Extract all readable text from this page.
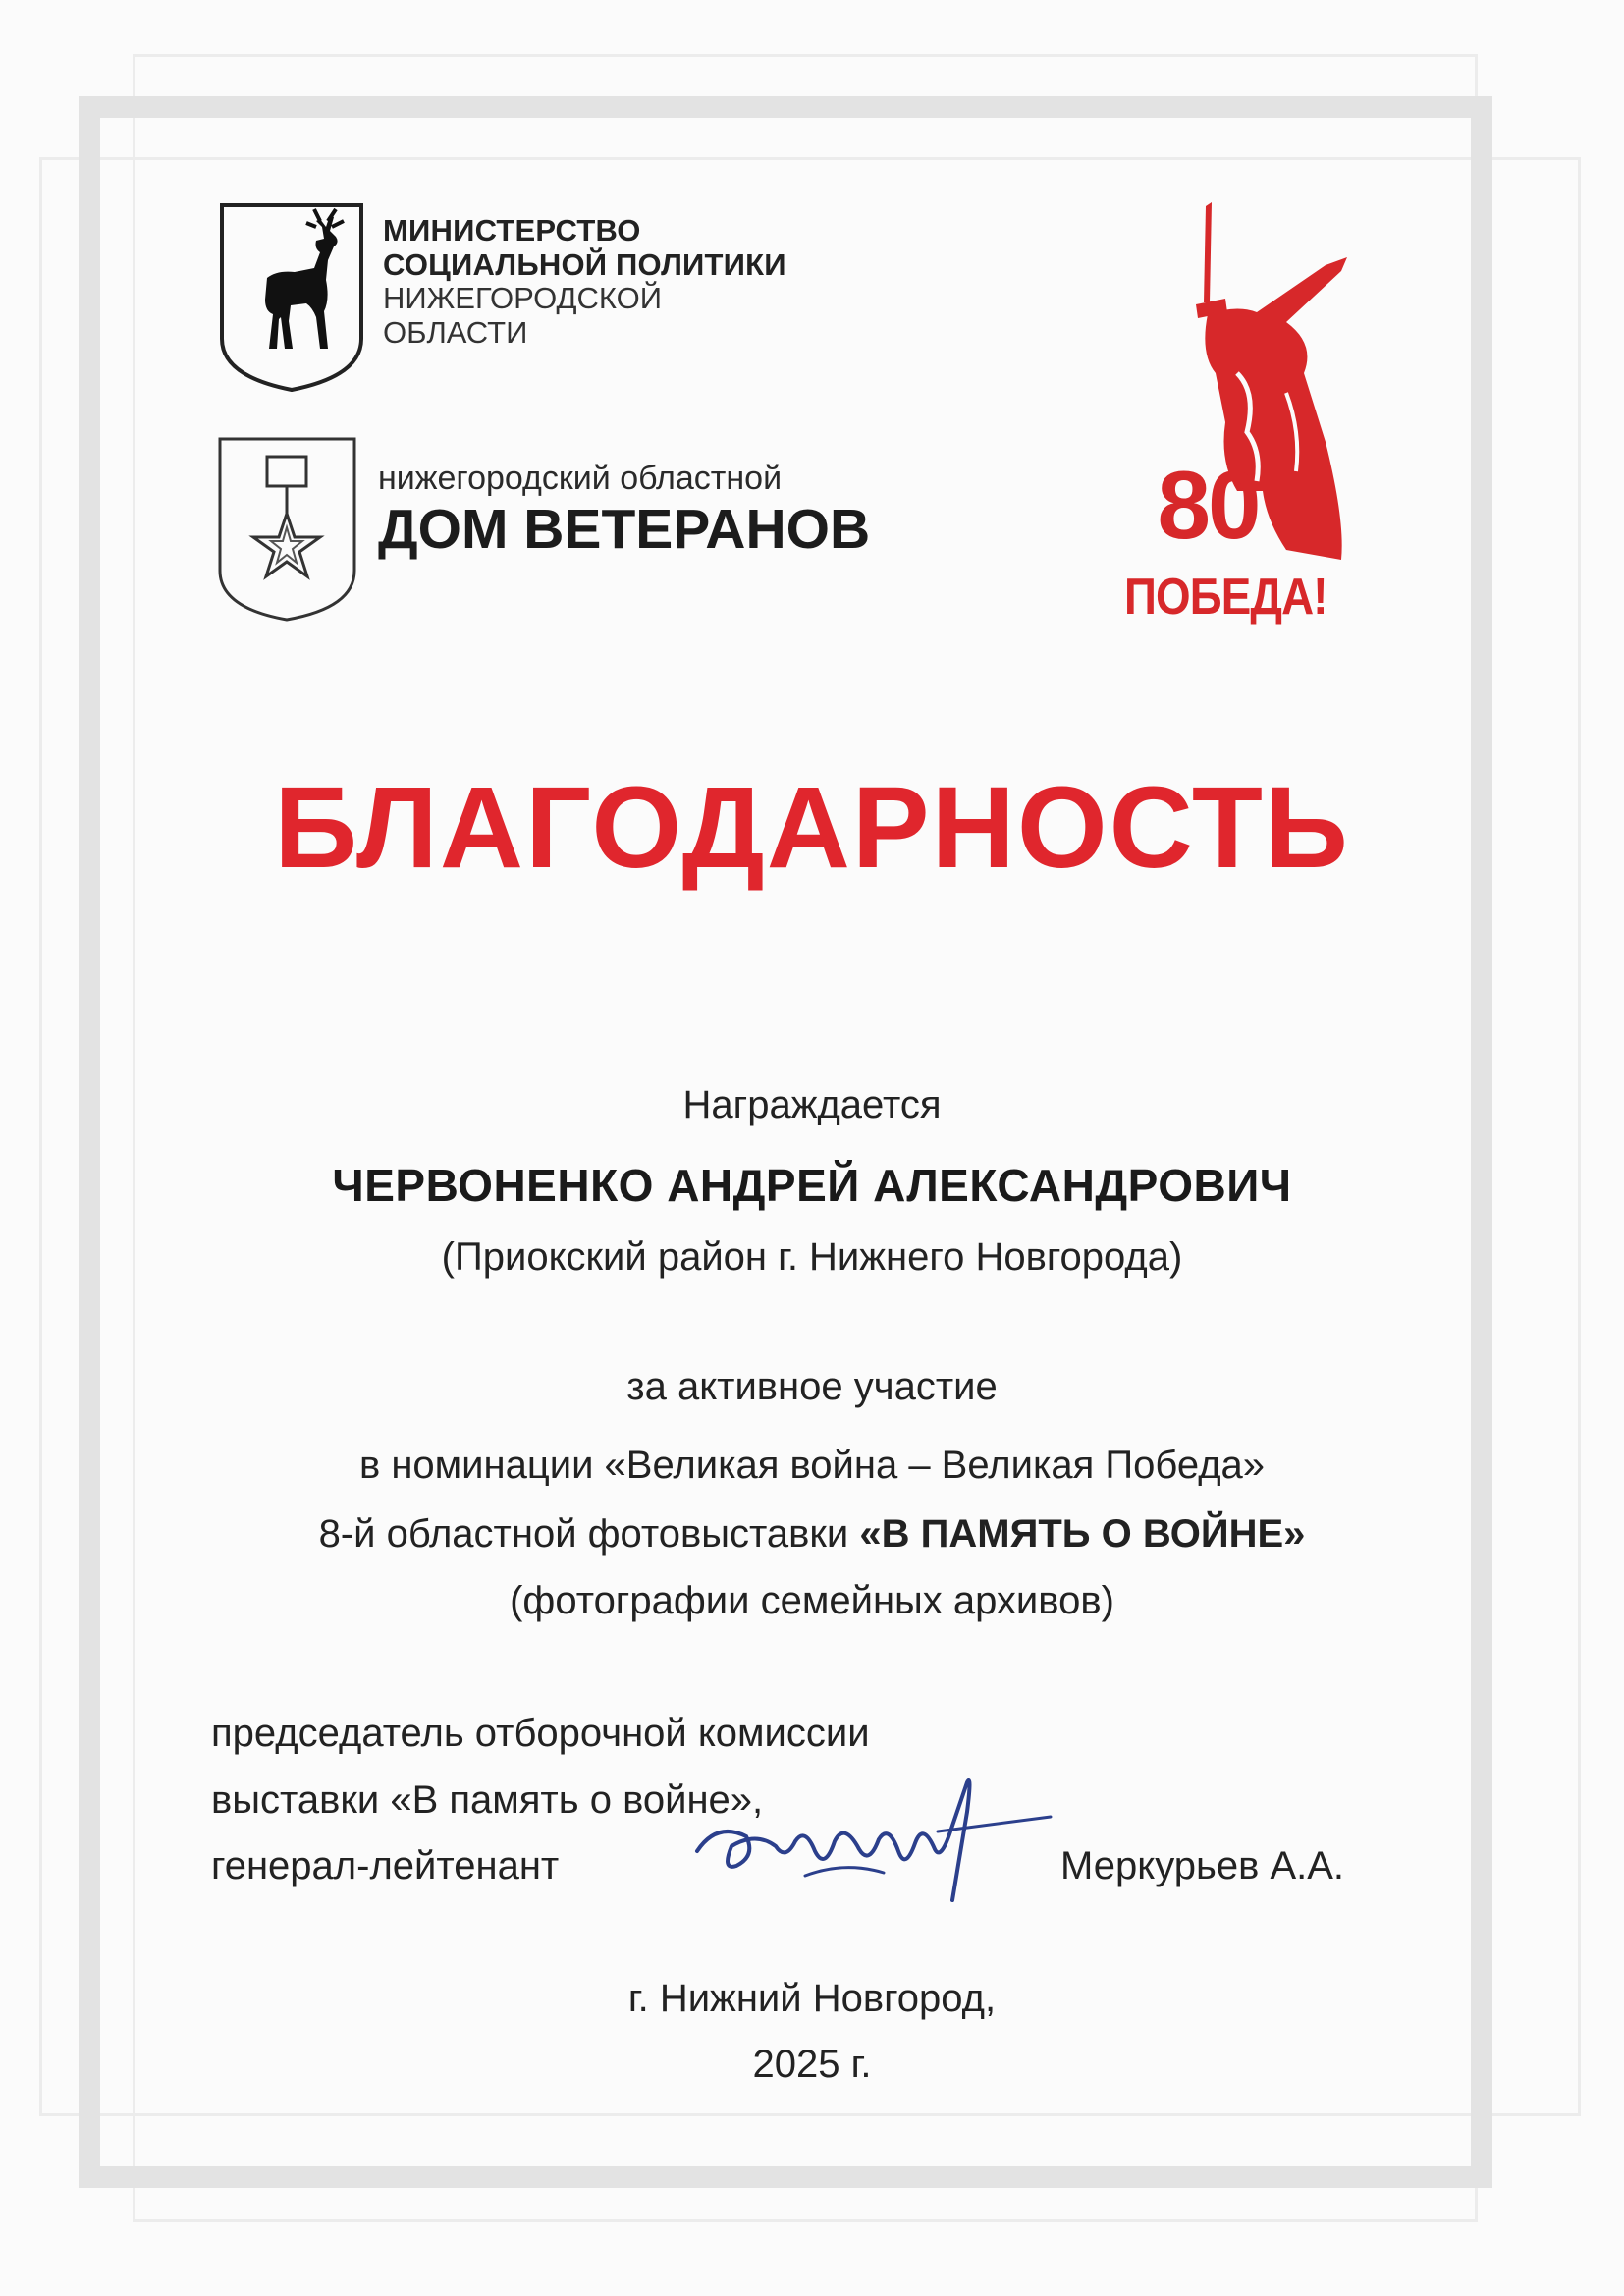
МИНИСТЕРСТВО
СОЦИАЛЬНОЙ ПОЛИТИКИ
НИЖЕГОРОДСКОЙ
ОБЛАСТИ
нижегородский областной
ДОМ ВЕТЕРАНОВ	80
ПОБЕДА!
БЛАГОДАРНОСТЬ
Награждается
ЧЕРВОНЕНКО АНДРЕЙ АЛЕКСАНДРОВИЧ
(Приокский район г. Нижнего Новгорода)
за активное участие
в номинации «Великая война – Великая Победа»
8-й областной фотовыставки «В ПАМЯТЬ О ВОЙНЕ»
(фотографии семейных архивов)
председатель отборочной комиссии
выставки «В память о войне»,
генерал-лейтенант	Меркурьев А.А.
г. Нижний Новгород,
2025 г.
